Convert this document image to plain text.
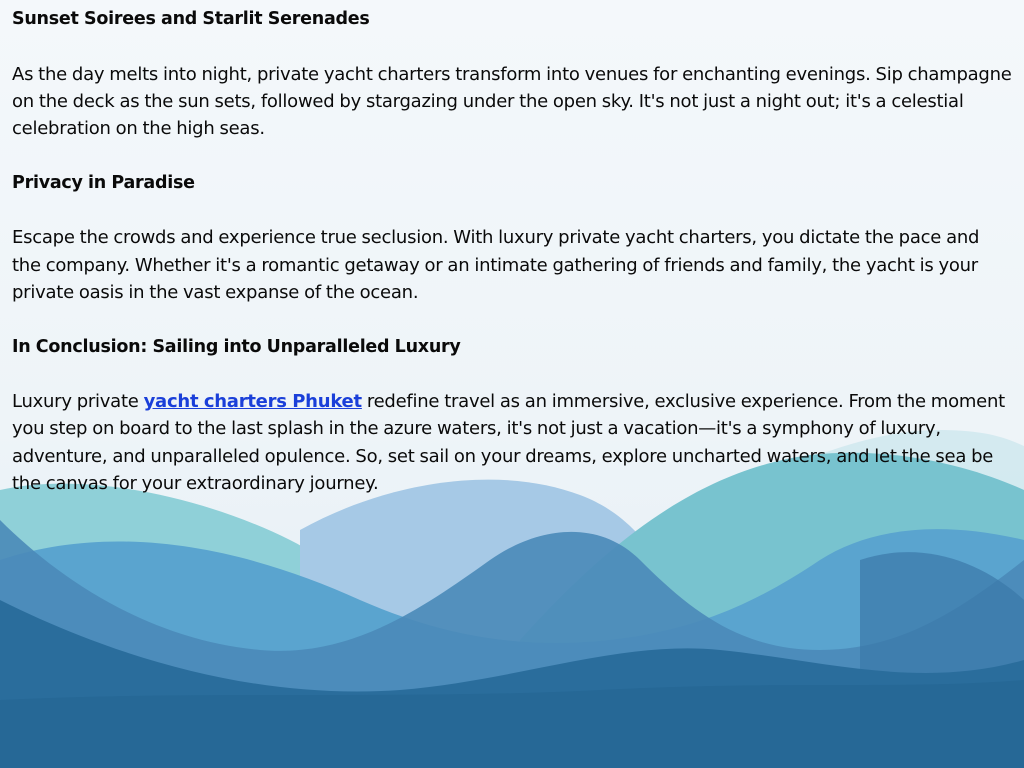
Sunset Soirees and Starlit Serenades

As the day melts into night, private yacht charters transform into venues for enchanting evenings. Sip champagne on the deck as the sun sets, followed by stargazing under the open sky. It's not just a night out; it's a celestial celebration on the high seas.

Privacy in Paradise

Escape the crowds and experience true seclusion. With luxury private yacht charters, you dictate the pace and the company. Whether it's a romantic getaway or an intimate gathering of friends and family, the yacht is your private oasis in the vast expanse of the ocean.

In Conclusion: Sailing into Unparalleled Luxury

Luxury private yacht charters Phuket redefine travel as an immersive, exclusive experience. From the moment you step on board to the last splash in the azure waters, it's not just a vacation—it's a symphony of luxury, adventure, and unparalleled opulence. So, set sail on your dreams, explore uncharted waters, and let the sea be the canvas for your extraordinary journey.
